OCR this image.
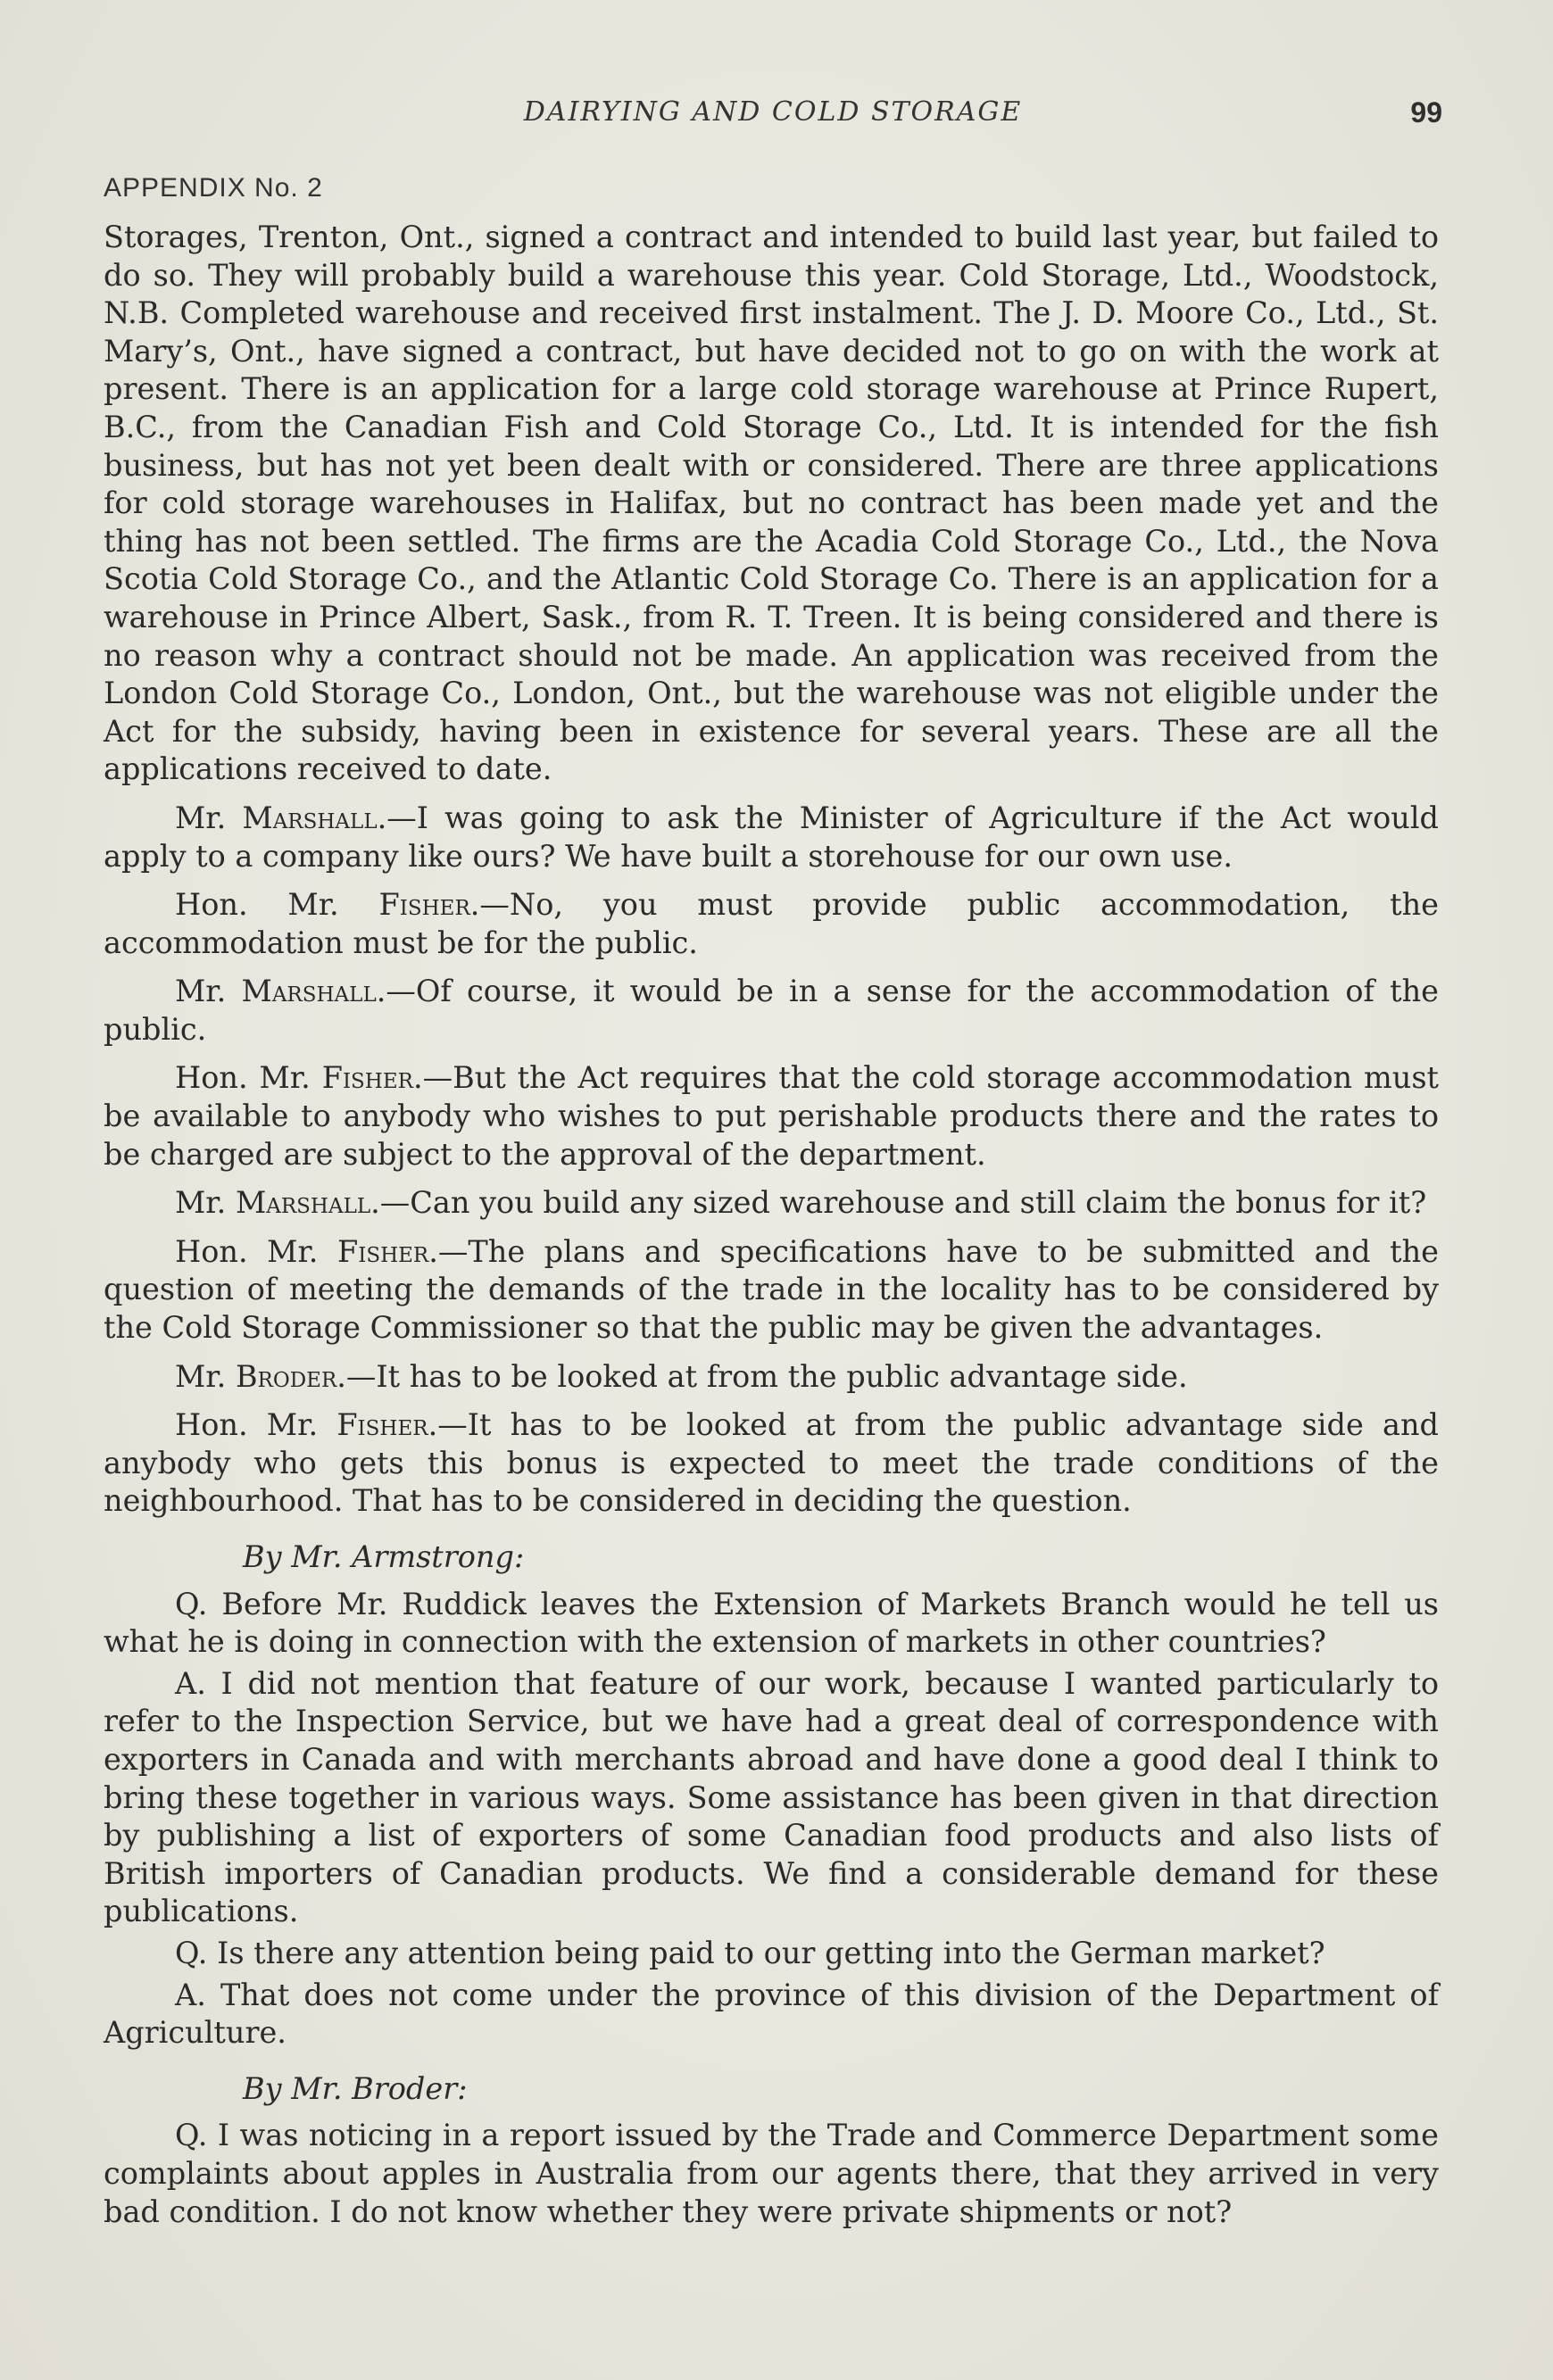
DAIRYING AND COLD STORAGE	99
APPENDIX No. 2

Storages, Trenton, Ont., signed a contract and intended to build last year, but failed to do so. They will probably build a warehouse this year. Cold Storage, Ltd., Woodstock, N.B. Completed warehouse and received first instalment. The J. D. Moore Co., Ltd., St. Mary’s, Ont., have signed a contract, but have decided not to go on with the work at present. There is an application for a large cold storage warehouse at Prince Rupert, B.C., from the Canadian Fish and Cold Storage Co., Ltd. It is intended for the fish business, but has not yet been dealt with or considered. There are three applications for cold storage warehouses in Halifax, but no contract has been made yet and the thing has not been settled. The firms are the Acadia Cold Storage Co., Ltd., the Nova Scotia Cold Storage Co., and the Atlantic Cold Storage Co. There is an application for a warehouse in Prince Albert, Sask., from R. T. Treen. It is being considered and there is no reason why a contract should not be made. An application was received from the London Cold Storage Co., London, Ont., but the warehouse was not eligible under the Act for the subsidy, having been in existence for several years. These are all the applications received to date.

Mr. Marshall.—I was going to ask the Minister of Agriculture if the Act would apply to a company like ours? We have built a storehouse for our own use.

Hon. Mr. Fisher.—No, you must provide public accommodation, the accommodation must be for the public.

Mr. Marshall.—Of course, it would be in a sense for the accommodation of the public.

Hon. Mr. Fisher.—But the Act requires that the cold storage accommodation must be available to anybody who wishes to put perishable products there and the rates to be charged are subject to the approval of the department.

Mr. Marshall.—Can you build any sized warehouse and still claim the bonus for it?

Hon. Mr. Fisher.—The plans and specifications have to be submitted and the question of meeting the demands of the trade in the locality has to be considered by the Cold Storage Commissioner so that the public may be given the advantages.

Mr. Broder.—It has to be looked at from the public advantage side.

Hon. Mr. Fisher.—It has to be looked at from the public advantage side and anybody who gets this bonus is expected to meet the trade conditions of the neighbourhood. That has to be considered in deciding the question.

By Mr. Armstrong:

Q. Before Mr. Ruddick leaves the Extension of Markets Branch would he tell us what he is doing in connection with the extension of markets in other countries?

A. I did not mention that feature of our work, because I wanted particularly to refer to the Inspection Service, but we have had a great deal of correspondence with exporters in Canada and with merchants abroad and have done a good deal I think to bring these together in various ways. Some assistance has been given in that direction by publishing a list of exporters of some Canadian food products and also lists of British importers of Canadian products. We find a considerable demand for these publications.

Q. Is there any attention being paid to our getting into the German market?

A. That does not come under the province of this division of the Department of Agriculture.

By Mr. Broder:

Q. I was noticing in a report issued by the Trade and Commerce Department some complaints about apples in Australia from our agents there, that they arrived in very bad condition. I do not know whether they were private shipments or not?
